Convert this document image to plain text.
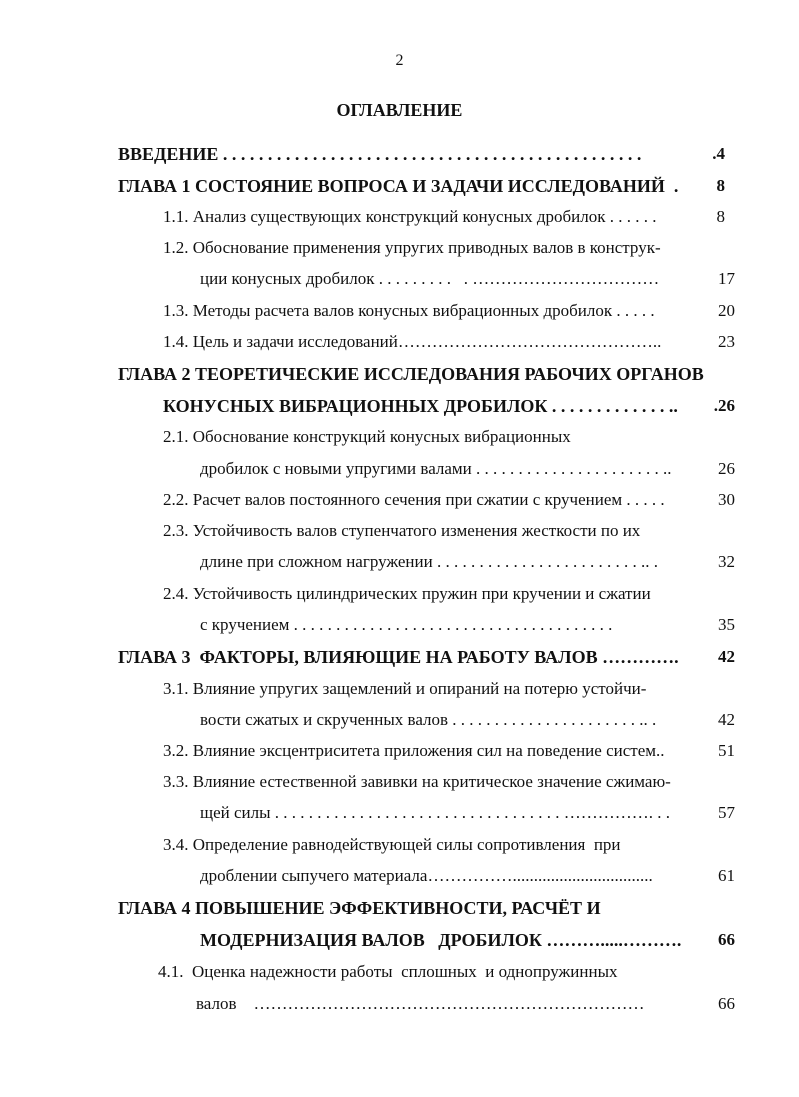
2
ОГЛАВЛЕНИЕ
ВВЕДЕНИЕ . . . . . . . . . . . . . . . . . . . . . . . . . . . . . . . . . . . . . . . . . . . . . . .	.4
ГЛАВА 1 СОСТОЯНИЕ ВОПРОСА И ЗАДАЧИ ИССЛЕДОВАНИЙ  . 8
1.1. Анализ существующих конструкций конусных дробилок . . . . . .	8
1.2. Обоснование применения упругих приводных валов в конструк-
ции конусных дробилок . . . . . . . . .   . ……………………………	17
1.3. Методы расчета валов конусных вибрационных дробилок . . . . .	20
1.4. Цель и задачи исследований………………………………………..	23
ГЛАВА 2 ТЕОРЕТИЧЕСКИЕ ИССЛЕДОВАНИЯ РАБОЧИХ ОРГАНОВ
КОНУСНЫХ ВИБРАЦИОННЫХ ДРОБИЛОК . . . . . . . . . . . . . .. .26
2.1. Обоснование конструкций конусных вибрационных
дробилок с новыми упругими валами . . . . . . . . . . . . . . . . . . . . . . ..	26
2.2. Расчет валов постоянного сечения при сжатии с кручением . . . . .	30
2.3. Устойчивость валов ступенчатого изменения жесткости по их
длине при сложном нагружении . . . . . . . . . . . . . . . . . . . . . . . . .. .	32
2.4. Устойчивость цилиндрических пружин при кручении и сжатии
с кручением . . . . . . . . . . . . . . . . . . . . . . . . . . . . . . . . . . . . . .	35
ГЛАВА 3  ФАКТОРЫ, ВЛИЯЮЩИЕ НА РАБОТУ ВАЛОВ …………. 42
3.1. Влияние упругих защемлений и опираний на потерю устойчи-
вости сжатых и скрученных валов . . . . . . . . . . . . . . . . . . . . . . .. .	42
3.2. Влияние эксцентриситета приложения сил на поведение систем..	51
3.3. Влияние естественной завивки на критическое значение сжимаю-
щей силы . . . . . . . . . . . . . . . . . . . . . . . . . . . . . . . . . . ……………. . .	57
3.4. Определение равнодействующей силы сопротивления  при
дроблении сыпучего материала…………….................................	61
ГЛАВА 4 ПОВЫШЕНИЕ ЭФФЕКТИВНОСТИ, РАСЧЁТ И
МОДЕРНИЗАЦИЯ ВАЛОВ   ДРОБИЛОК ……….....………. 66
4.1.  Оценка надежности работы  сплошных  и однопружинных
валов    ……………………………………………………………	66
